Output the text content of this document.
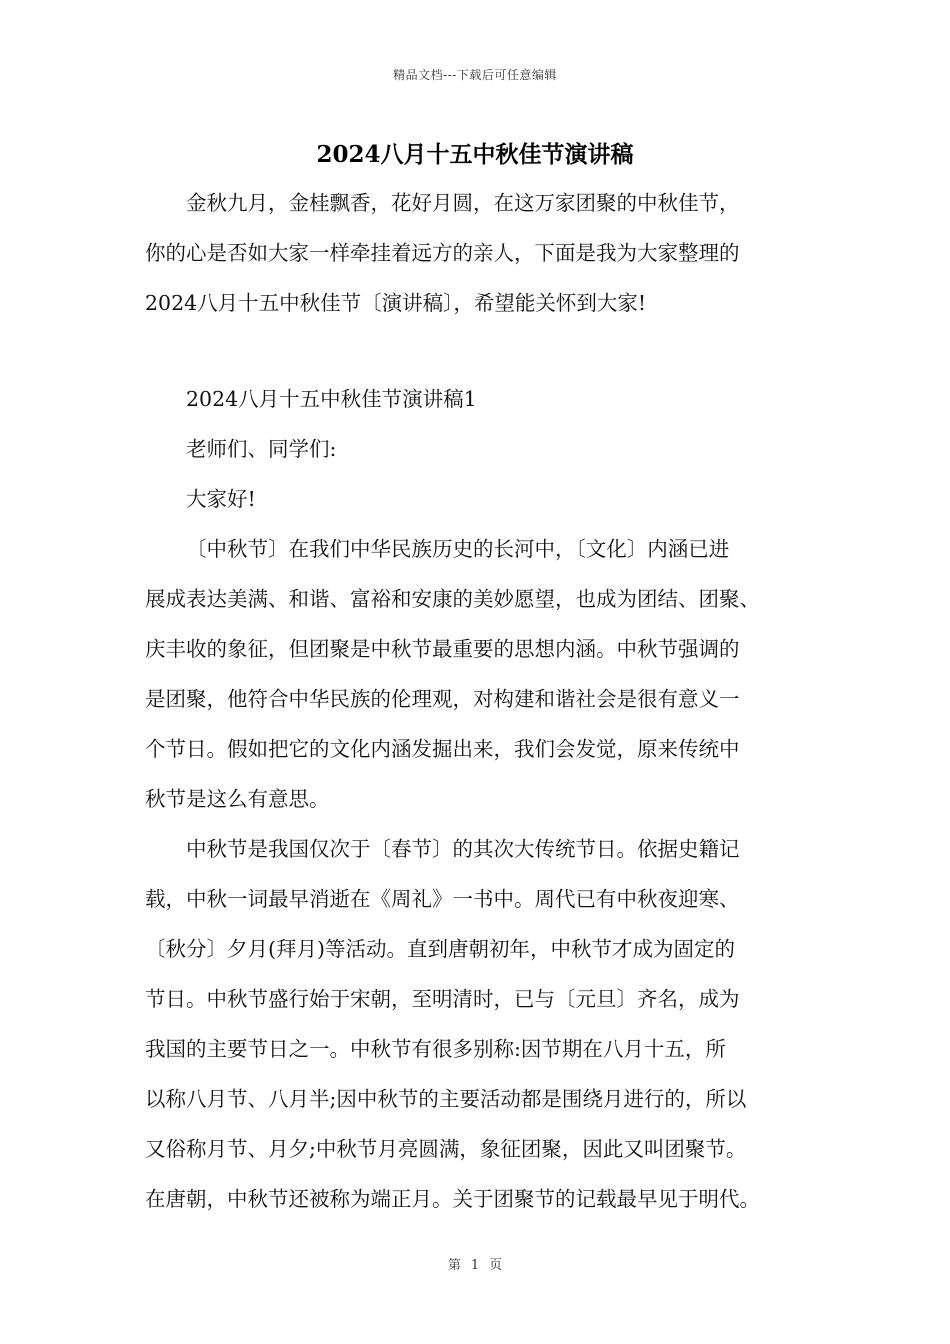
精品文档---下载后可任意编辑
2024八月十五中秋佳节演讲稿

金秋九月，金桂飘香，花好月圆，在这万家团聚的中秋佳节，
你的心是否如大家一样牵挂着远方的亲人，下面是我为大家整理的
2024八月十五中秋佳节〔演讲稿〕，希望能关怀到大家!

2024八月十五中秋佳节演讲稿1

老师们、同学们:

大家好!

〔中秋节〕在我们中华民族历史的长河中，〔文化〕内涵已进
展成表达美满、和谐、富裕和安康的美妙愿望，也成为团结、团聚、
庆丰收的象征，但团聚是中秋节最重要的思想内涵。中秋节强调的
是团聚，他符合中华民族的伦理观，对构建和谐社会是很有意义一
个节日。假如把它的文化内涵发掘出来，我们会发觉，原来传统中
秋节是这么有意思。

中秋节是我国仅次于〔春节〕的其次大传统节日。依据史籍记
载，中秋一词最早消逝在《周礼》一书中。周代已有中秋夜迎寒、
〔秋分〕夕月(拜月)等活动。直到唐朝初年，中秋节才成为固定的
节日。中秋节盛行始于宋朝，至明清时，已与〔元旦〕齐名，成为
我国的主要节日之一。中秋节有很多别称:因节期在八月十五，所
以称八月节、八月半;因中秋节的主要活动都是围绕月进行的，所以
又俗称月节、月夕;中秋节月亮圆满，象征团聚，因此又叫团聚节。
在唐朝，中秋节还被称为端正月。关于团聚节的记载最早见于明代。

第 1 页
